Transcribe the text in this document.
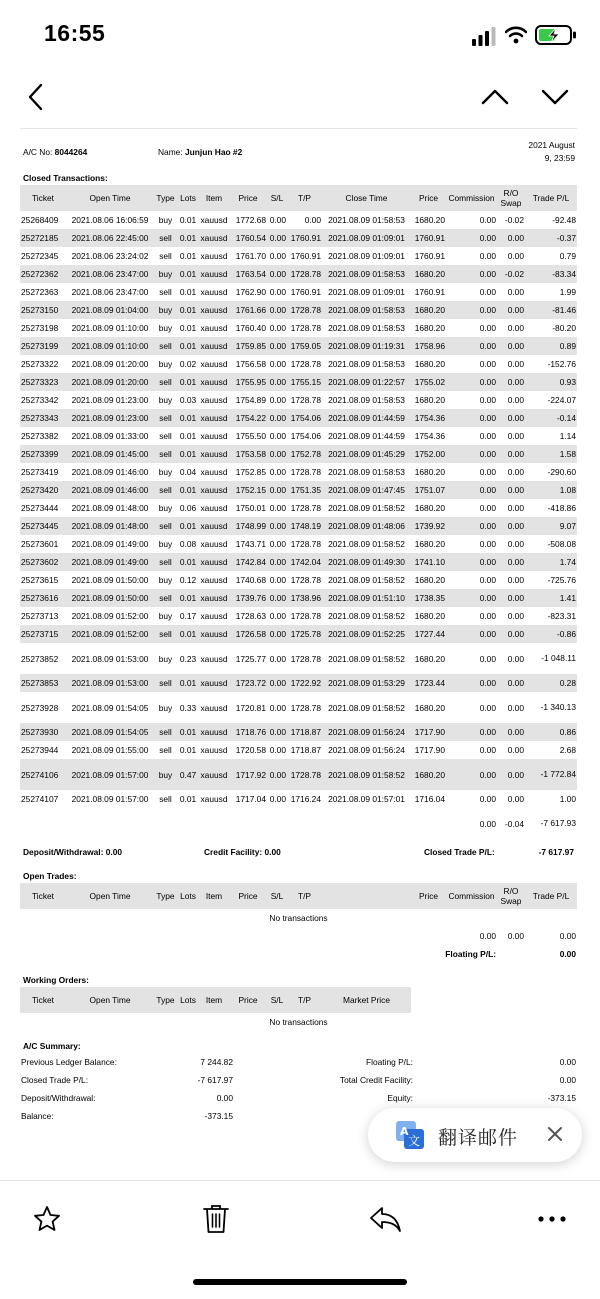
16:55
A/C No: 8044264	Name: Junjun Hao #2
2021 August
9, 23:59
Closed Transactions:
Ticket	Open Time	Type	Lots	Item	Price	S/L	T/P	Close Time	Price	Commission	R/O Swap	Trade P/L
25268409	2021.08.06 16:06:59	buy	0.01	xauusd	1772.68	0.00	0.00	2021.08.09 01:58:53	1680.20	0.00	-0.02	-92.48
25272185	2021.08.06 22:45:00	sell	0.01	xauusd	1760.54	0.00	1760.91	2021.08.09 01:09:01	1760.91	0.00	0.00	-0.37
25272345	2021.08.06 23:24:02	sell	0.01	xauusd	1761.70	0.00	1760.91	2021.08.09 01:09:01	1760.91	0.00	0.00	0.79
25272362	2021.08.06 23:47:00	buy	0.01	xauusd	1763.54	0.00	1728.78	2021.08.09 01:58:53	1680.20	0.00	-0.02	-83.34
25272363	2021.08.06 23:47:00	sell	0.01	xauusd	1762.90	0.00	1760.91	2021.08.09 01:09:01	1760.91	0.00	0.00	1.99
25273150	2021.08.09 01:04:00	buy	0.01	xauusd	1761.66	0.00	1728.78	2021.08.09 01:58:53	1680.20	0.00	0.00	-81.46
25273198	2021.08.09 01:10:00	buy	0.01	xauusd	1760.40	0.00	1728.78	2021.08.09 01:58:53	1680.20	0.00	0.00	-80.20
25273199	2021.08.09 01:10:00	sell	0.01	xauusd	1759.85	0.00	1759.05	2021.08.09 01:19:31	1758.96	0.00	0.00	0.89
25273322	2021.08.09 01:20:00	buy	0.02	xauusd	1756.58	0.00	1728.78	2021.08.09 01:58:53	1680.20	0.00	0.00	-152.76
25273323	2021.08.09 01:20:00	sell	0.01	xauusd	1755.95	0.00	1755.15	2021.08.09 01:22:57	1755.02	0.00	0.00	0.93
25273342	2021.08.09 01:23:00	buy	0.03	xauusd	1754.89	0.00	1728.78	2021.08.09 01:58:53	1680.20	0.00	0.00	-224.07
25273343	2021.08.09 01:23:00	sell	0.01	xauusd	1754.22	0.00	1754.06	2021.08.09 01:44:59	1754.36	0.00	0.00	-0.14
25273382	2021.08.09 01:33:00	sell	0.01	xauusd	1755.50	0.00	1754.06	2021.08.09 01:44:59	1754.36	0.00	0.00	1.14
25273399	2021.08.09 01:45:00	sell	0.01	xauusd	1753.58	0.00	1752.78	2021.08.09 01:45:29	1752.00	0.00	0.00	1.58
25273419	2021.08.09 01:46:00	buy	0.04	xauusd	1752.85	0.00	1728.78	2021.08.09 01:58:53	1680.20	0.00	0.00	-290.60
25273420	2021.08.09 01:46:00	sell	0.01	xauusd	1752.15	0.00	1751.35	2021.08.09 01:47:45	1751.07	0.00	0.00	1.08
25273444	2021.08.09 01:48:00	buy	0.06	xauusd	1750.01	0.00	1728.78	2021.08.09 01:58:52	1680.20	0.00	0.00	-418.86
25273445	2021.08.09 01:48:00	sell	0.01	xauusd	1748.99	0.00	1748.19	2021.08.09 01:48:06	1739.92	0.00	0.00	9.07
25273601	2021.08.09 01:49:00	buy	0.08	xauusd	1743.71	0.00	1728.78	2021.08.09 01:58:52	1680.20	0.00	0.00	-508.08
25273602	2021.08.09 01:49:00	sell	0.01	xauusd	1742.84	0.00	1742.04	2021.08.09 01:49:30	1741.10	0.00	0.00	1.74
25273615	2021.08.09 01:50:00	buy	0.12	xauusd	1740.68	0.00	1728.78	2021.08.09 01:58:52	1680.20	0.00	0.00	-725.76
25273616	2021.08.09 01:50:00	sell	0.01	xauusd	1739.76	0.00	1738.96	2021.08.09 01:51:10	1738.35	0.00	0.00	1.41
25273713	2021.08.09 01:52:00	buy	0.17	xauusd	1728.63	0.00	1728.78	2021.08.09 01:58:52	1680.20	0.00	0.00	-823.31
25273715	2021.08.09 01:52:00	sell	0.01	xauusd	1726.58	0.00	1725.78	2021.08.09 01:52:25	1727.44	0.00	0.00	-0.86
25273852	2021.08.09 01:53:00	buy	0.23	xauusd	1725.77	0.00	1728.78	2021.08.09 01:58:52	1680.20	0.00	0.00	-1 048.11
25273853	2021.08.09 01:53:00	sell	0.01	xauusd	1723.72	0.00	1722.92	2021.08.09 01:53:29	1723.44	0.00	0.00	0.28
25273928	2021.08.09 01:54:05	buy	0.33	xauusd	1720.81	0.00	1728.78	2021.08.09 01:58:52	1680.20	0.00	0.00	-1 340.13
25273930	2021.08.09 01:54:05	sell	0.01	xauusd	1718.76	0.00	1718.87	2021.08.09 01:56:24	1717.90	0.00	0.00	0.86
25273944	2021.08.09 01:55:00	sell	0.01	xauusd	1720.58	0.00	1718.87	2021.08.09 01:56:24	1717.90	0.00	0.00	2.68
25274106	2021.08.09 01:57:00	buy	0.47	xauusd	1717.92	0.00	1728.78	2021.08.09 01:58:52	1680.20	0.00	0.00	-1 772.84
25274107	2021.08.09 01:57:00	sell	0.01	xauusd	1717.04	0.00	1716.24	2021.08.09 01:57:01	1716.04	0.00	0.00	1.00
										0.00	-0.04	-7 617.93
Deposit/Withdrawal: 0.00	Credit Facility: 0.00	Closed Trade P/L:	-7 617.97
Open Trades:
Ticket	Open Time	Type	Lots	Item	Price	S/L	T/P		Price	Commission	R/O Swap	Trade P/L
No transactions												
										0.00	0.00	0.00
Floating P/L:												0.00
Working Orders:
Ticket	Open Time	Type	Lots	Item	Price	S/L	T/P	Market Price
No transactions
A/C Summary:
Previous Ledger Balance:	7 244.82	Floating P/L:		0.00
Closed Trade P/L:	-7 617.97	Total Credit Facility:		0.00
Deposit/Withdrawal:	0.00	Equity:		-373.15
Balance:	-373.15			
A
文 翻译邮件
